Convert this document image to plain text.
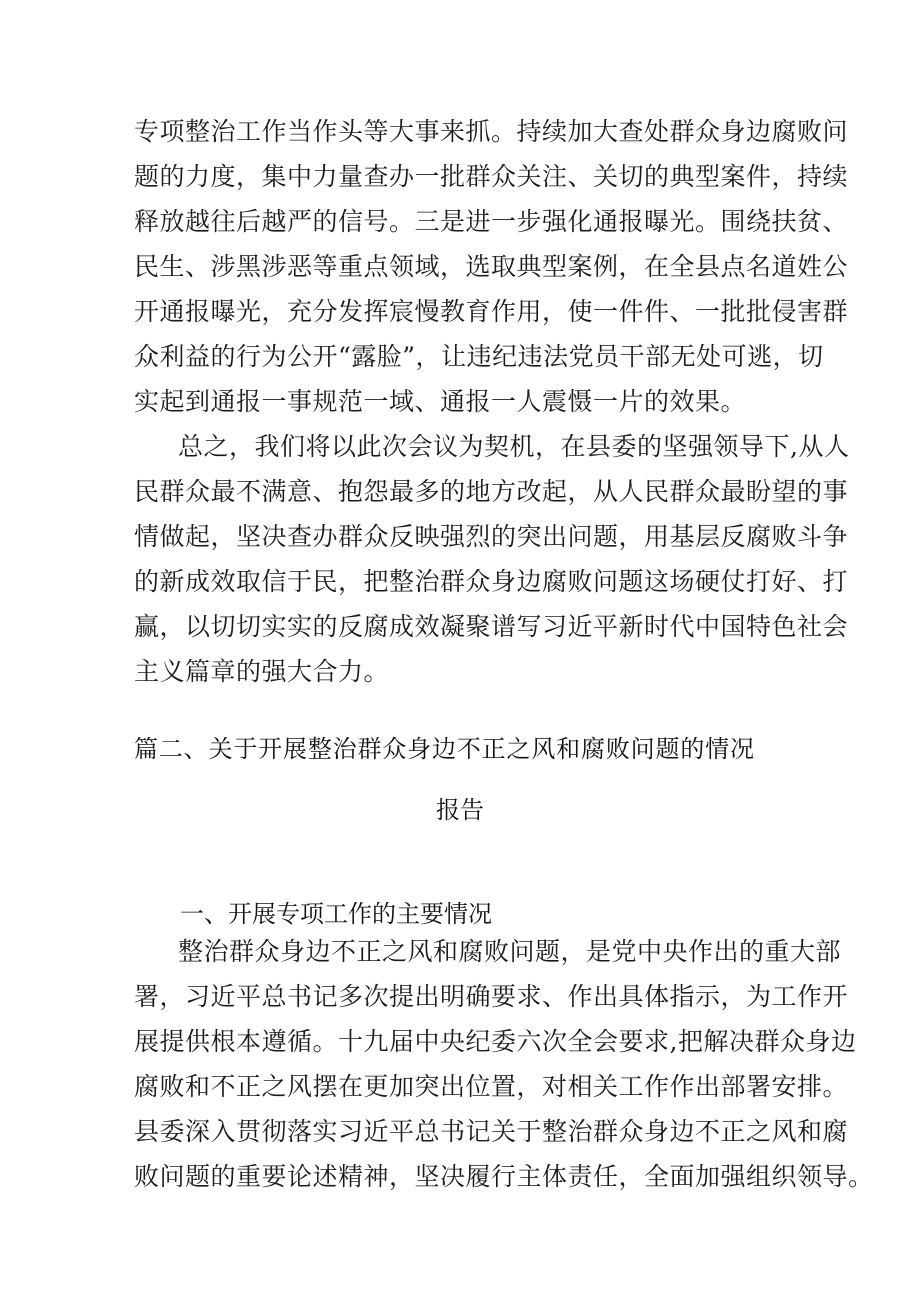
专项整治工作当作头等大事来抓。持续加大查处群众身边腐败问
题的力度，集中力量查办一批群众关注、关切的典型案件，持续
释放越往后越严的信号。三是进一步强化通报曝光。围绕扶贫、
民生、涉黑涉恶等重点领域，选取典型案例，在全县点名道姓公
开通报曝光，充分发挥宸慢教育作用，使一件件、一批批侵害群
众利益的行为公开“露脸”，让违纪违法党员干部无处可逃，切
实起到通报一事规范一域、通报一人震慑一片的效果。
总之，我们将以此次会议为契机，在县委的坚强领导下,从人
民群众最不满意、抱怨最多的地方改起，从人民群众最盼望的事
情做起，坚决查办群众反映强烈的突出问题，用基层反腐败斗争
的新成效取信于民，把整治群众身边腐败问题这场硬仗打好、打
赢，以切切实实的反腐成效凝聚谱写习近平新时代中国特色社会
主义篇章的强大合力。
篇二、关于开展整治群众身边不正之风和腐败问题的情况
报告
一、开展专项工作的主要情况
整治群众身边不正之风和腐败问题，是党中央作出的重大部
署，习近平总书记多次提出明确要求、作出具体指示，为工作开
展提供根本遵循。十九届中央纪委六次全会要求,把解决群众身边
腐败和不正之风摆在更加突出位置，对相关工作作出部署安排。
县委深入贯彻落实习近平总书记关于整治群众身边不正之风和腐
败问题的重要论述精神，坚决履行主体责任，全面加强组织领导。
